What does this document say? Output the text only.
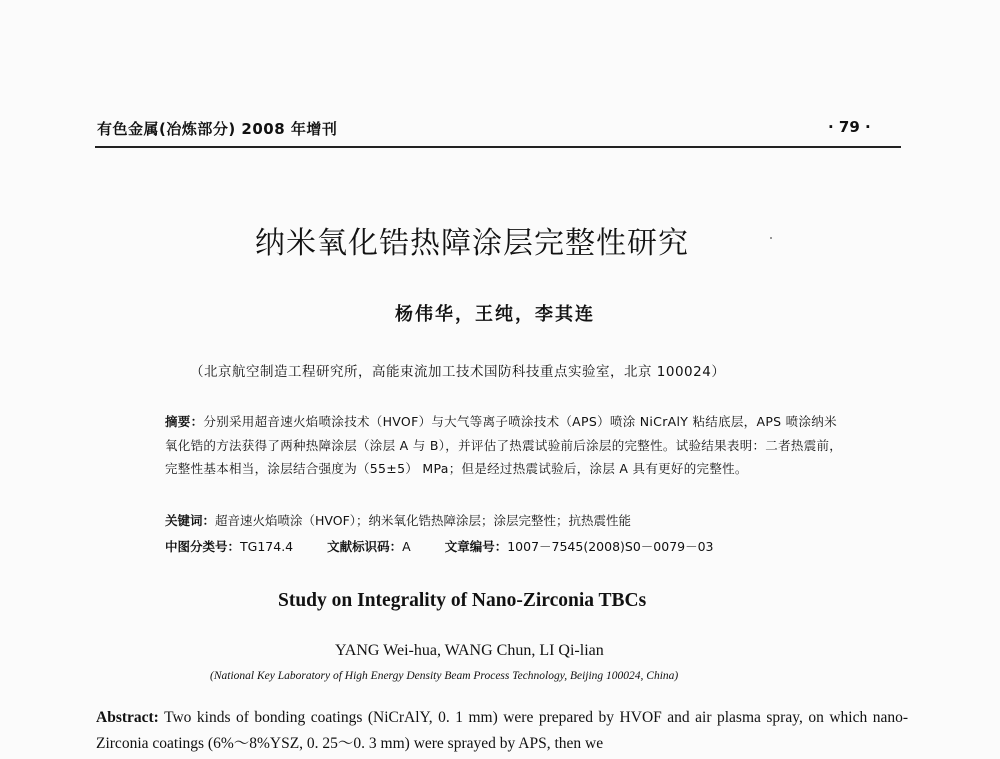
有色金属(冶炼部分) 2008 年增刊	· 79 ·
纳米氧化锆热障涂层完整性研究
杨伟华，王纯，李其连
（北京航空制造工程研究所，高能束流加工技术国防科技重点实验室，北京 100024）
摘要：分别采用超音速火焰喷涂技术（HVOF）与大气等离子喷涂技术（APS）喷涂 NiCrAlY 粘结底层，APS 喷涂纳米氧化锆的方法获得了两种热障涂层（涂层 A 与 B），并评估了热震试验前后涂层的完整性。试验结果表明：二者热震前，完整性基本相当，涂层结合强度为（55±5） MPa；但是经过热震试验后，涂层 A 具有更好的完整性。
关键词：超音速火焰喷涂（HVOF）；纳米氧化锆热障涂层；涂层完整性；抗热震性能
中图分类号：TG174.4	文献标识码：A	文章编号：1007－7545(2008)S0－0079－03
Study on Integrality of Nano-Zirconia TBCs
YANG Wei-hua, WANG Chun, LI Qi-lian
(National Key Laboratory of High Energy Density Beam Process Technology, Beijing 100024, China)
Abstract: Two kinds of bonding coatings (NiCrAlY, 0. 1 mm) were prepared by HVOF and air plasma spray, on which nano-Zirconia coatings (6%～8%YSZ, 0. 25～0. 3 mm) were sprayed by APS, then we
